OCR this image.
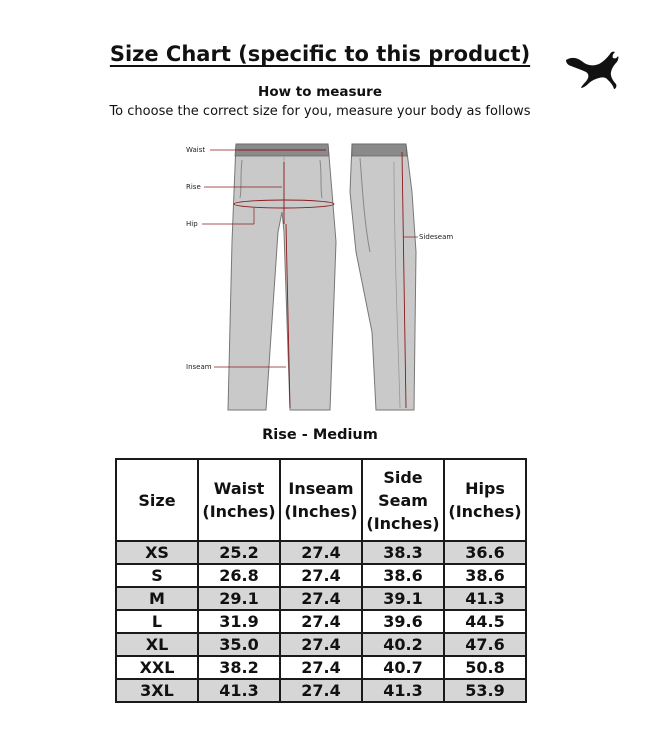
Size Chart (specific to this product)
How to measure
To choose the correct size for you, measure your body as follows
Waist
Rise
Hip
Inseam
Sideseam
Rise - Medium
Size	Waist (Inches)	Inseam (Inches)	Side Seam (Inches)	Hips (Inches)
XS	25.2	27.4	38.3	36.6
S	26.8	27.4	38.6	38.6
M	29.1	27.4	39.1	41.3
L	31.9	27.4	39.6	44.5
XL	35.0	27.4	40.2	47.6
XXL	38.2	27.4	40.7	50.8
3XL	41.3	27.4	41.3	53.9
